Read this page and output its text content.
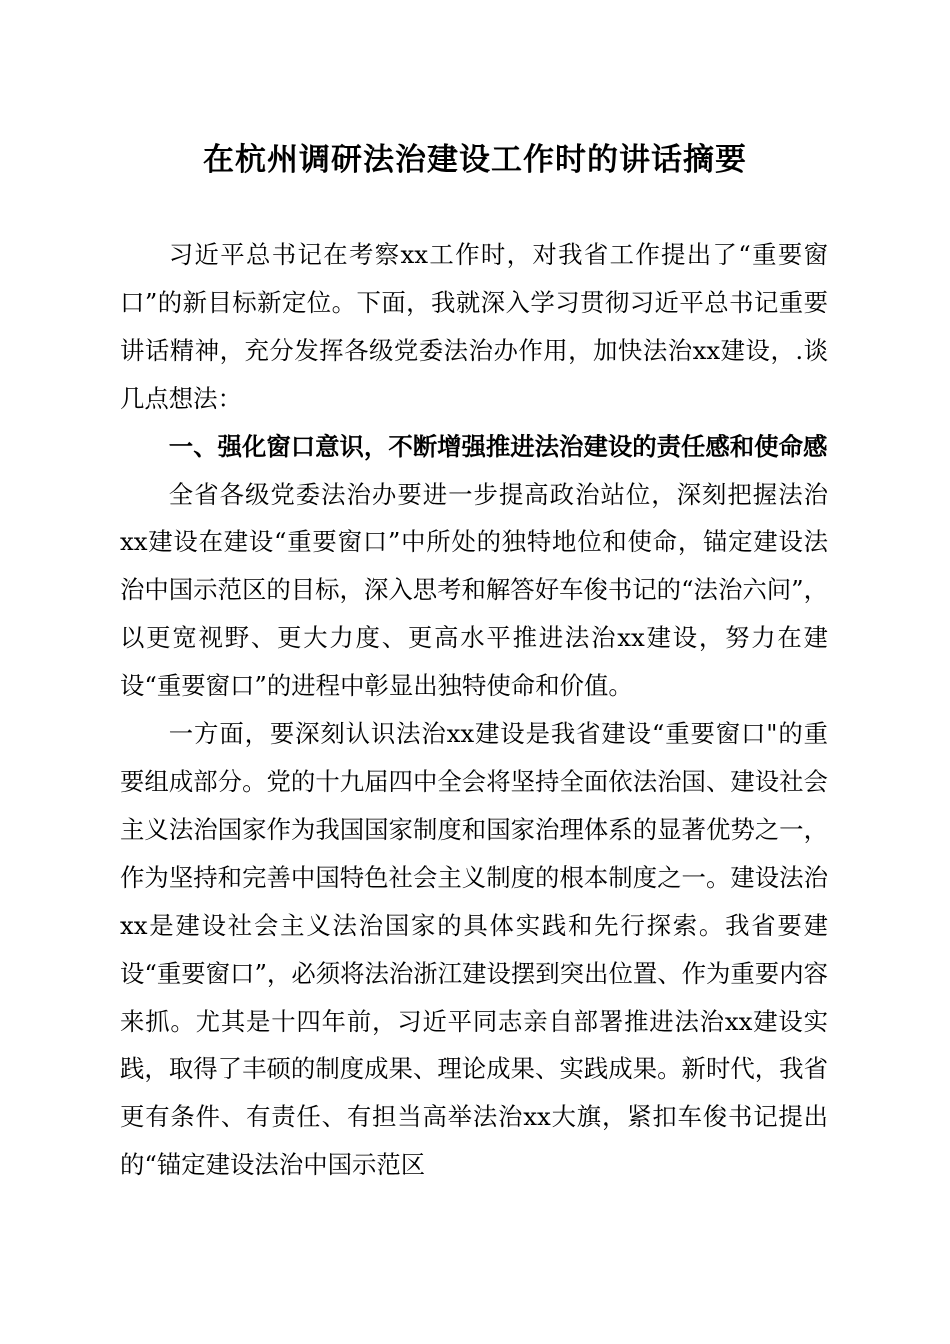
在杭州调研法治建设工作时的讲话摘要

习近平总书记在考察xx工作时，对我省工作提出了“重要窗口”的新目标新定位。下面，我就深入学习贯彻习近平总书记重要讲话精神，充分发挥各级党委法治办作用，加快法治xx建设，.谈几点想法：

一、强化窗口意识，不断增强推进法治建设的责任感和使命感

全省各级党委法治办要进一步提高政治站位，深刻把握法治xx建设在建设“重要窗口”中所处的独特地位和使命，锚定建设法治中国示范区的目标，深入思考和解答好车俊书记的“法治六问”，以更宽视野、更大力度、更高水平推进法治xx建设，努力在建设“重要窗口”的进程中彰显出独特使命和价值。

一方面，要深刻认识法治xx建设是我省建设“重要窗口"的重要组成部分。党的十九届四中全会将坚持全面依法治国、建设社会主义法治国家作为我国国家制度和国家治理体系的显著优势之一，作为坚持和完善中国特色社会主义制度的根本制度之一。建设法治xx是建设社会主义法治国家的具体实践和先行探索。我省要建设“重要窗口”，必须将法治浙江建设摆到突出位置、作为重要内容来抓。尤其是十四年前，习近平同志亲自部署推进法治xx建设实践，取得了丰硕的制度成果、理论成果、实践成果。新时代，我省更有条件、有责任、有担当高举法治xx大旗，紧扣车俊书记提出的“锚定建设法治中国示范区
